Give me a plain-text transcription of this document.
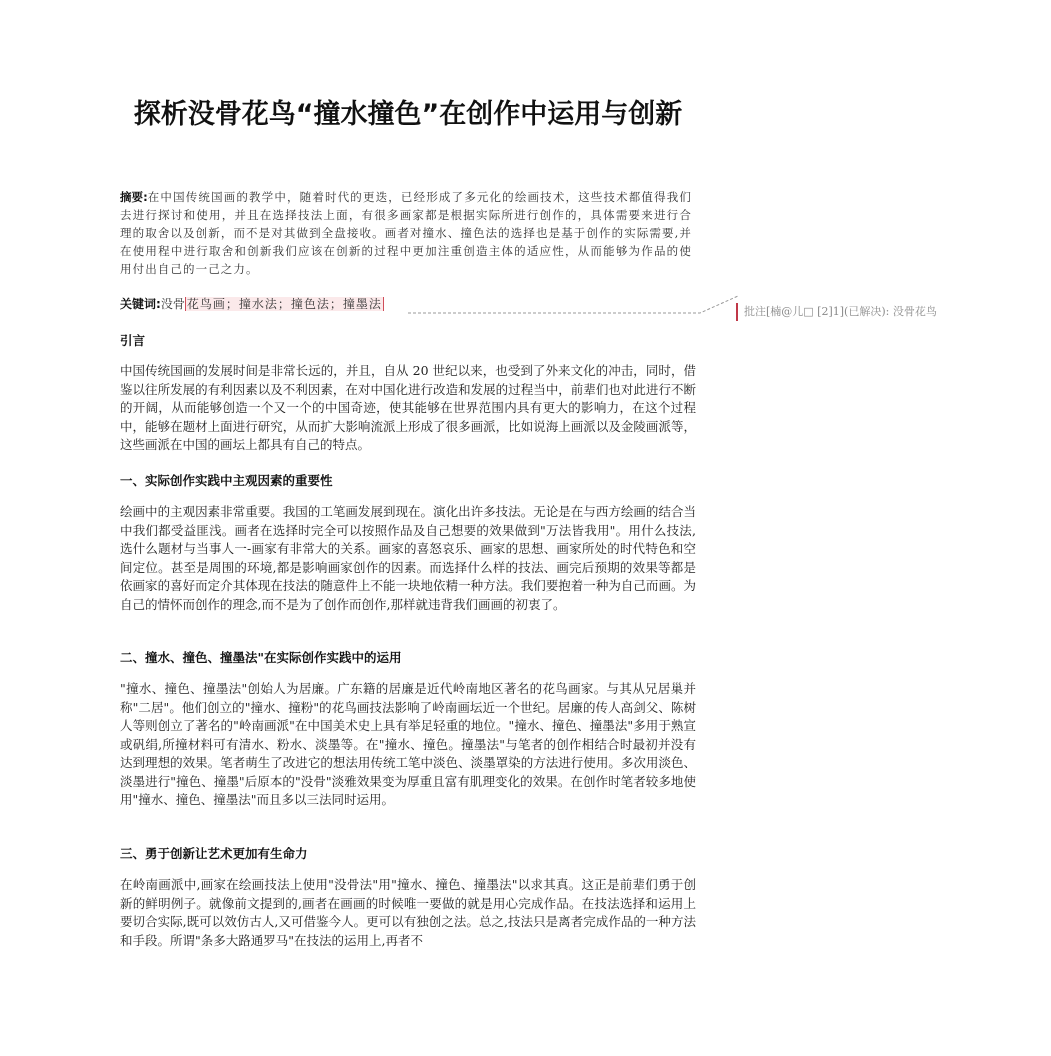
探析没骨花鸟“撞水撞色”在创作中运用与创新
摘要:在中国传统国画的教学中，随着时代的更迭，已经形成了多元化的绘画技术，这些技术都值得我们去进行探讨和使用，并且在选择技法上面，有很多画家都是根据实际所进行创作的，具体需要来进行合理的取舍以及创新，而不是对其做到全盘接收。画者对撞水、撞色法的选择也是基于创作的实际需要,并在使用程中进行取舍和创新我们应该在创新的过程中更加注重创造主体的适应性，从而能够为作品的使用付出自己的一己之力。
关键词:没骨 花鸟画；撞水法；撞色法；撞墨法
批注[楠@儿□ [2]1](已解决): 没骨花鸟
引言
中国传统国画的发展时间是非常长远的，并且，自从 20 世纪以来，也受到了外来文化的冲击，同时，借鉴以往所发展的有利因素以及不利因素，在对中国化进行改造和发展的过程当中，前辈们也对此进行不断的开阔，从而能够创造一个又一个的中国奇迹，使其能够在世界范围内具有更大的影响力，在这个过程中，能够在题材上面进行研究，从而扩大影响流派上形成了很多画派，比如说海上画派以及金陵画派等，这些画派在中国的画坛上都具有自己的特点。
一、实际创作实践中主观因素的重要性
绘画中的主观因素非常重要。我国的工笔画发展到现在。演化出许多技法。无论是在与西方绘画的结合当中我们都受益匪浅。画者在选择时完全可以按照作品及自己想要的效果做到"万法皆我用"。用什么技法,选什么题材与当事人一-画家有非常大的关系。画家的喜怒哀乐、画家的思想、画家所处的时代特色和空间定位。甚至是周围的环境,都是影响画家创作的因素。而选择什么样的技法、画完后预期的效果等都是依画家的喜好而定介其体现在技法的随意件上不能一块地依精一种方法。我们要抱着一种为自己而画。为自己的情怀而创作的理念,而不是为了创作而创作,那样就违背我们画画的初衷了。
二、撞水、撞色、撞墨法"在实际创作实践中的运用
"撞水、撞色、撞墨法"创始人为居廉。广东籍的居廉是近代岭南地区著名的花鸟画家。与其从兄居巢并称"二居"。他们创立的"撞水、撞粉"的花鸟画技法影响了岭南画坛近一个世纪。居廉的传人高剑父、陈树人等则创立了著名的"岭南画派"在中国美术史上具有举足轻重的地位。"撞水、撞色、撞墨法"多用于熟宣或矾绢,所撞材料可有清水、粉水、淡墨等。在"撞水、撞色。撞墨法"与笔者的创作相结合时最初并没有达到理想的效果。笔者萌生了改进它的想法用传统工笔中淡色、淡墨罩染的方法进行使用。多次用淡色、淡墨进行"撞色、撞墨"后原本的"没骨"淡雅效果变为厚重且富有肌理变化的效果。在创作时笔者较多地使用"撞水、撞色、撞墨法"而且多以三法同时运用。
三、勇于创新让艺术更加有生命力
在岭南画派中,画家在绘画技法上使用"没骨法"用"撞水、撞色、撞墨法"以求其真。这正是前辈们勇于创新的鲜明例子。就像前文提到的,画者在画画的时候唯一要做的就是用心完成作品。在技法选择和运用上要切合实际,既可以效仿古人,又可借鉴今人。更可以有独创之法。总之,技法只是离者完成作品的一种方法和手段。所谓"条多大路通罗马"在技法的运用上,再者不
